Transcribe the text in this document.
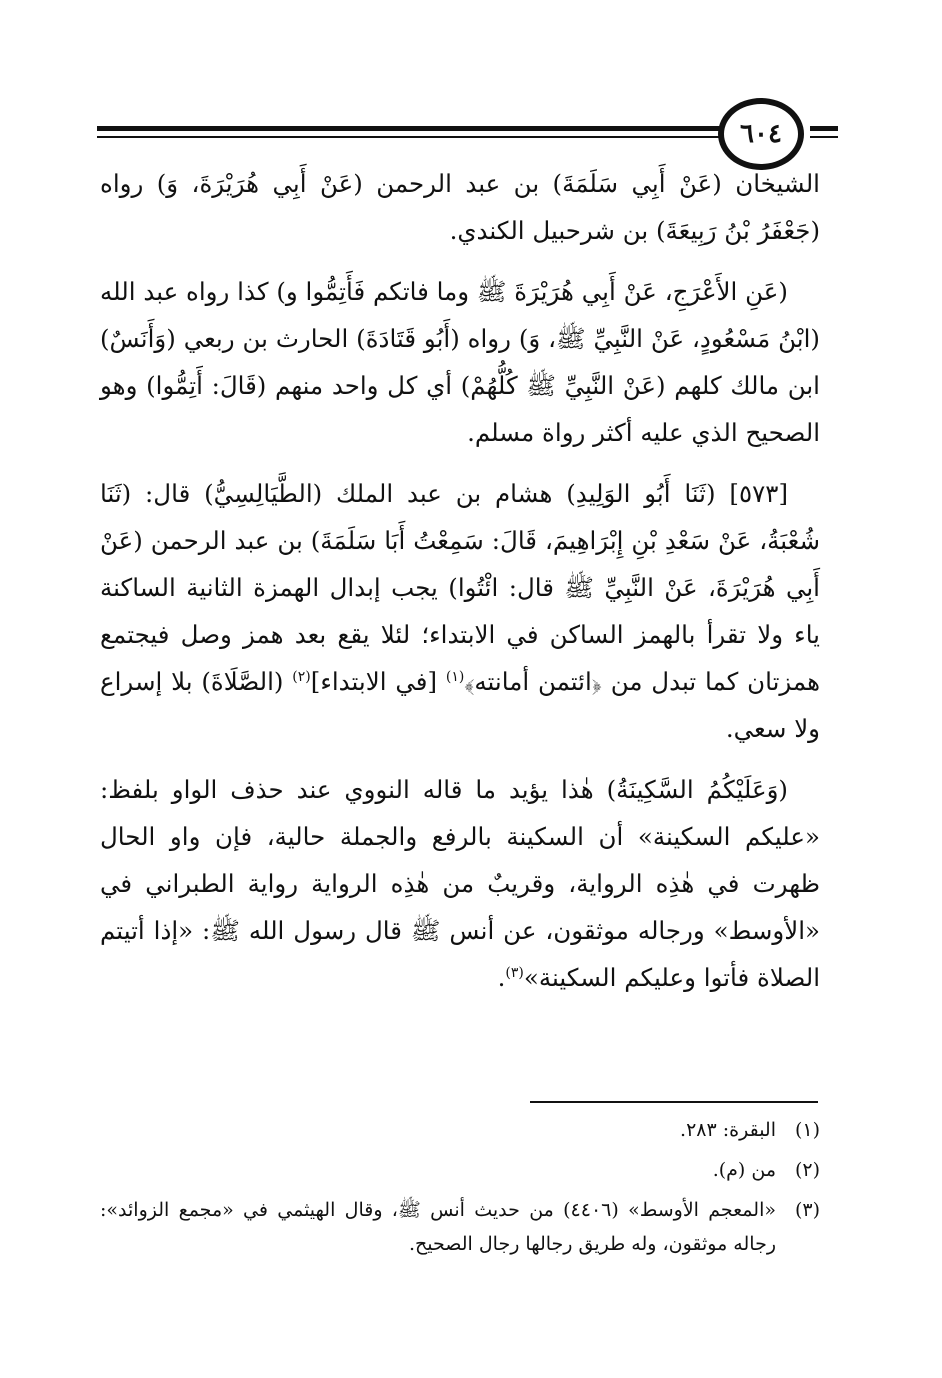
٦٠٤

الشيخان (عَنْ أَبِي سَلَمَةَ) بن عبد الرحمن (عَنْ أَبِي هُرَيْرَةَ، وَ) رواه (جَعْفَرُ بْنُ رَبِيعَةَ) بن شرحبيل الكندي.

(عَنِ الأَعْرَجِ، عَنْ أَبِي هُرَيْرَةَ ﷺ وما فاتكم فَأَتِمُّوا و) كذا رواه عبد الله (ابْنُ مَسْعُودٍ، عَنْ النَّبِيِّ ﷺ، وَ) رواه (أَبُو قَتَادَةَ) الحارث بن ربعي (وَأَنَسٌ) ابن مالك كلهم (عَنْ النَّبِيِّ ﷺ كُلُّهُمْ) أي كل واحد منهم (قَالَ: أَتِمُّوا) وهو الصحيح الذي عليه أكثر رواة مسلم.

[٥٧٣] (ثَنَا أَبُو الوَلِيدِ) هشام بن عبد الملك (الطَّيَالِسِيُّ) قال: (ثَنَا شُعْبَةُ، عَنْ سَعْدِ بْنِ إِبْرَاهِيمَ، قَالَ: سَمِعْتُ أَبَا سَلَمَةَ) بن عبد الرحمن (عَنْ أَبِي هُرَيْرَةَ، عَنْ النَّبِيِّ ﷺ قال: ائْتُوا) يجب إبدال الهمزة الثانية الساكنة ياء ولا تقرأ بالهمز الساكن في الابتداء؛ لئلا يقع بعد همز وصل فيجتمع همزتان كما تبدل من ﴿ائتمن أمانته﴾$^{(١)}$ [في الابتداء]$^{(٢)}$ (الصَّلَاةَ) بلا إسراع ولا سعي.

(وَعَلَيْكُمُ السَّكِينَةُ) هٰذا يؤيد ما قاله النووي عند حذف الواو بلفظ: «عليكم السكينة» أن السكينة بالرفع والجملة حالية، فإن واو الحال ظهرت في هٰذِه الرواية، وقريبٌ من هٰذِه الرواية رواية الطبراني في «الأوسط» ورجاله موثقون، عن أنس ﷺ قال رسول الله ﷺ: «إذا أتيتم الصلاة فأتوا وعليكم السكينة»$^{(٣)}$.

(١)
البقرة: ٢٨٣.

(٢)
من (م).

(٣)
«المعجم الأوسط» (٤٤٠٦) من حديث أنس ﷺ، وقال الهيثمي في «مجمع الزوائد»: رجاله موثقون، وله طريق رجالها رجال الصحيح.
